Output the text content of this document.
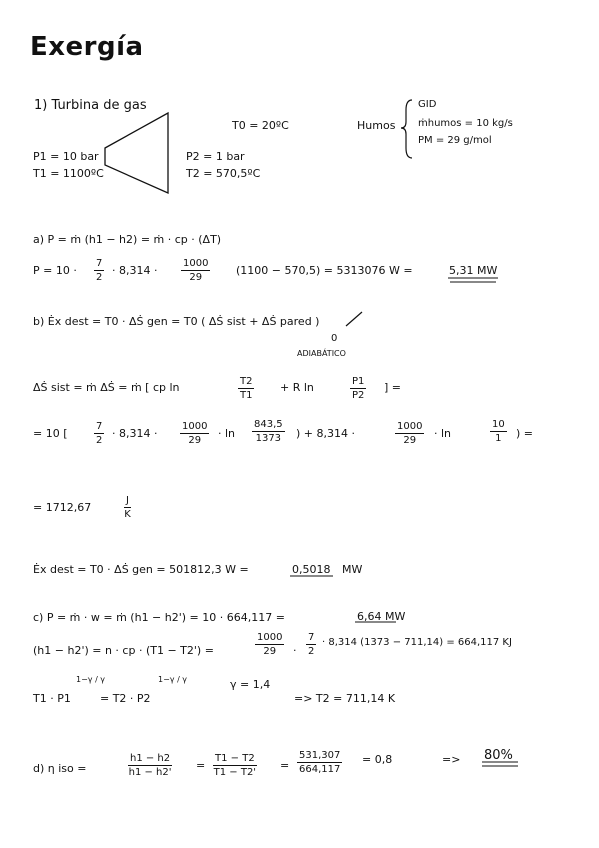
Exergía
1) Turbina de gas
P1 = 10 bar
T1 = 1100ºC
P2 = 1 bar
T2 = 570,5ºC
T0 = 20ºC	Humos
GID
ṁhumos = 10 kg/s
PM = 29 g/mol
a) P = ṁ (h1 − h2) = ṁ · cp · (ΔT)
$P = 10 \cdot \frac{7}{2} \cdot 8,314 \cdot \frac{1000}{29} (1100 - 570,5) = 5313076$ W =	5,31 MW
b) Ėx dest = T0 · ΔṠ gen = T0 ( ΔṠ sist + ΔṠ pared )
0
ADIABÁTICO
ΔṠ sist = ṁ ΔṠ = ṁ [ cp ln	$\frac{T2}{T1} + R$ ln	$\frac{P1}{P2}$ ] =
= 10 [	$\frac{7}{2} \cdot 8,314 \cdot \frac{1000}{29} \cdot \ln \frac{843,5}{1373}$ ) + 8,314 ·	$\frac{1000}{29} \cdot \ln$	$\frac{10}{1}$ ) =
= 1712,67	$\frac{J}{K}$
Ėx dest = T0 · ΔṠ gen = 501812,3 W =	0,5018 MW
c) P = ṁ · w = ṁ (h1 − h2') = 10 · 664,117 =	6,64 MW
(h1 − h2') = n · cp · (T1 − T2') =	$\frac{1000}{29} \cdot \frac{7}{2} \cdot 8,314$ (1373 − 711,14) = 664,117 KJ
T1 · P1
1−γ / γ
= T2 · P2
1−γ / γ	γ = 1,4
=> T2 = 711,14 K
d) η iso =	$\frac{h1 - h2}{h1 - h2'} = \frac{T1 - T2}{T1 - T2'} = \frac{531,307}{664,117} = 0,8$	=> 80%
